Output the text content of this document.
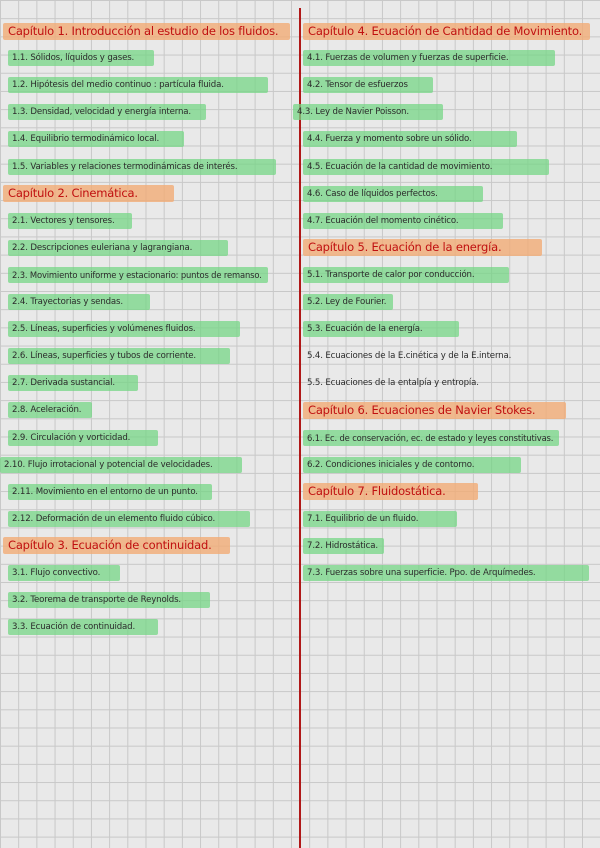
Capítulo 1. Introducción al estudio de los fluidos.
1.1. Sólidos, líquidos y gases.
1.2. Hipótesis del medio continuo : partícula fluida.
1.3. Densidad, velocidad y energía interna.
1.4. Equilibrio termodinámico local.
1.5. Variables y relaciones termodinámicas de interés.
Capítulo 2. Cinemática.
2.1. Vectores y tensores.
2.2. Descripciones euleriana y lagrangiana.
2.3. Movimiento uniforme y estacionario: puntos de remanso.
2.4. Trayectorias y sendas.
2.5. Líneas, superficies y volúmenes fluidos.
2.6. Líneas, superficies y tubos de corriente.
2.7. Derivada sustancial.
2.8. Aceleración.
2.9. Circulación y vorticidad.
2.10. Flujo irrotacional y potencial de velocidades.
2.11. Movimiento en el entorno de un punto.
2.12. Deformación de un elemento fluido cúbico.
Capítulo 3. Ecuación de continuidad.
3.1. Flujo convectivo.
3.2. Teorema de transporte de Reynolds.
3.3. Ecuación de continuidad.
Capítulo 4. Ecuación de Cantidad de Movimiento.
4.1. Fuerzas de volumen y fuerzas de superficie.
4.2. Tensor de esfuerzos
4.3. Ley de Navier Poisson.
4.4. Fuerza y momento sobre un sólido.
4.5. Ecuación de la cantidad de movimiento.
4.6. Caso de líquidos perfectos.
4.7. Ecuación del momento cinético.
Capítulo 5. Ecuación de la energía.
5.1. Transporte de calor por conducción.
5.2. Ley de Fourier.
5.3. Ecuación de la energía.
5.4. Ecuaciones de la E.cinética y de la E.interna.
5.5. Ecuaciones de la entalpía y entropía.
Capítulo 6. Ecuaciones de Navier Stokes.
6.1. Ec. de conservación, ec. de estado y leyes constitutivas.
6.2. Condiciones iniciales y de contorno.
Capítulo 7. Fluidostática.
7.1. Equilibrio de un fluido.
7.2. Hidrostática.
7.3. Fuerzas sobre una superficie. Ppo. de Arquímedes.
